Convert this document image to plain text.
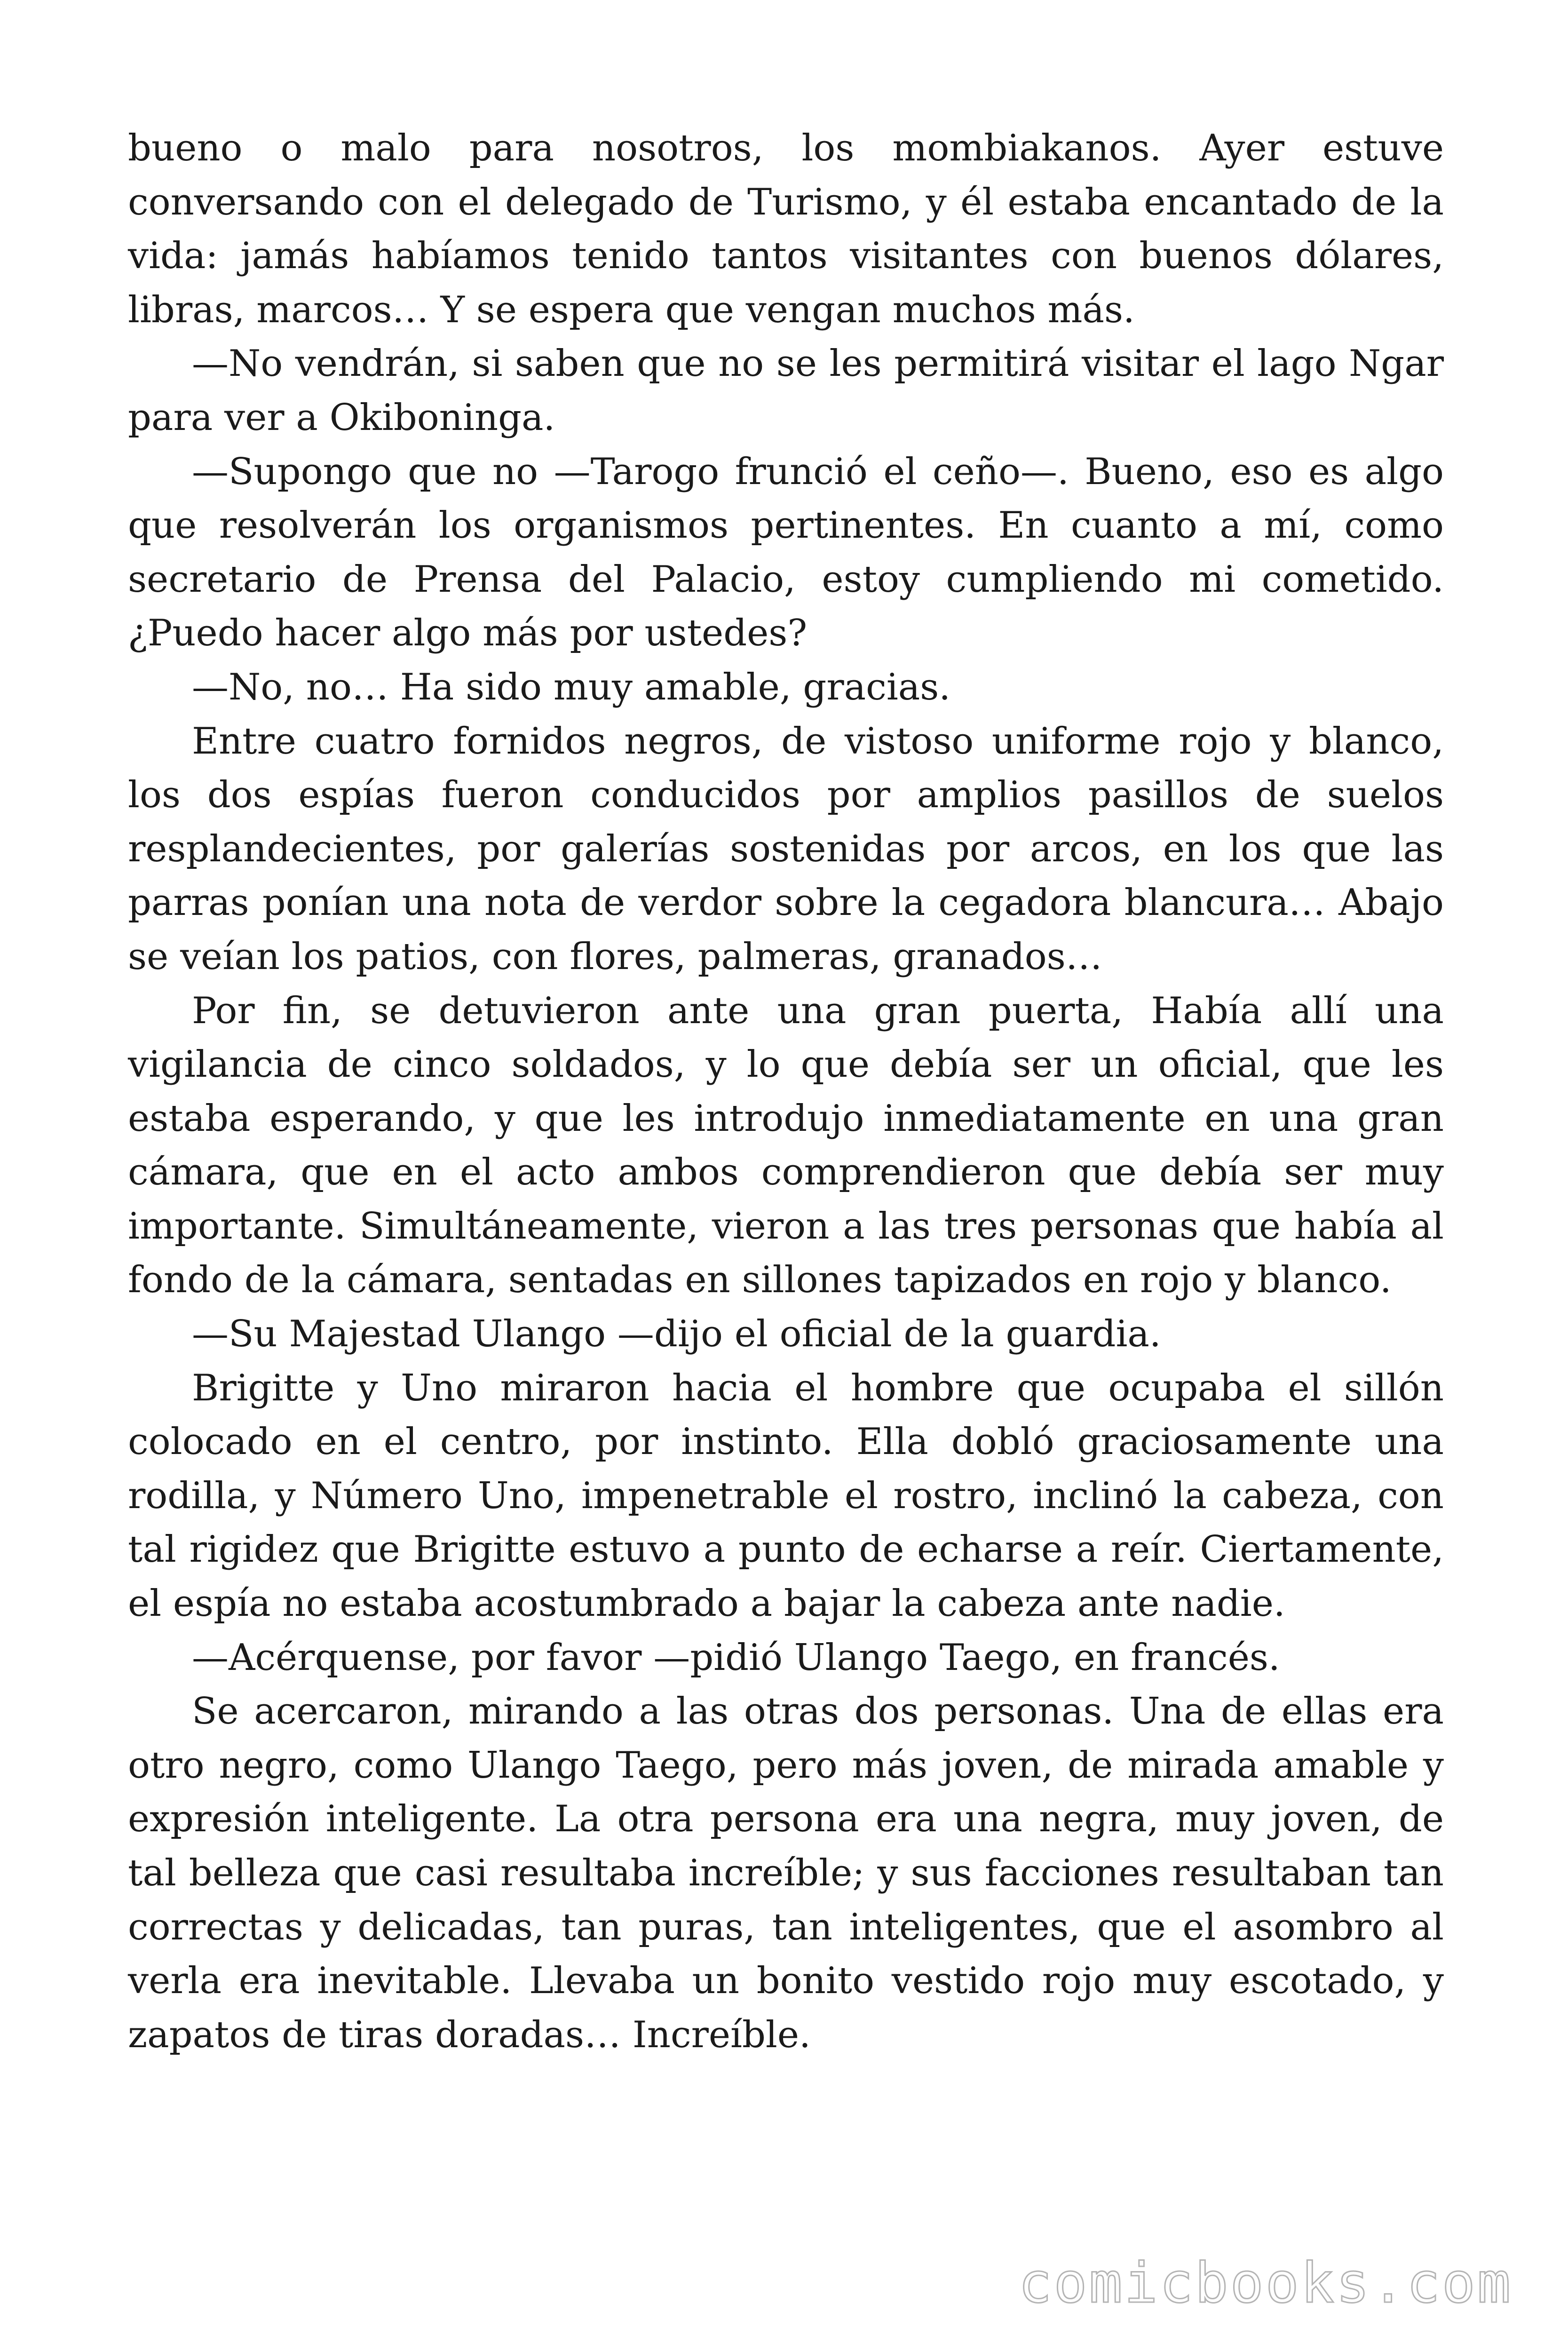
bueno o malo para nosotros, los mombiakanos. Ayer estuve conversando con el delegado de Turismo, y él estaba encantado de la vida: jamás habíamos tenido tantos visitantes con buenos dólares, libras, marcos… Y se espera que vengan muchos más.

—No vendrán, si saben que no se les permitirá visitar el lago Ngar para ver a Okiboninga.

—Supongo que no —Tarogo frunció el ceño—. Bueno, eso es algo que resolverán los organismos pertinentes. En cuanto a mí, como secretario de Prensa del Palacio, estoy cumpliendo mi cometido. ¿Puedo hacer algo más por ustedes?

—No, no… Ha sido muy amable, gracias.

Entre cuatro fornidos negros, de vistoso uniforme rojo y blanco, los dos espías fueron conducidos por amplios pasillos de suelos resplandecientes, por galerías sostenidas por arcos, en los que las parras ponían una nota de verdor sobre la cegadora blancura… Abajo se veían los patios, con flores, palmeras, granados…

Por fin, se detuvieron ante una gran puerta, Había allí una vigilancia de cinco soldados, y lo que debía ser un oficial, que les estaba esperando, y que les introdujo inmediatamente en una gran cámara, que en el acto ambos comprendieron que debía ser muy importante. Simultáneamente, vieron a las tres personas que había al fondo de la cámara, sentadas en sillones tapizados en rojo y blanco.

—Su Majestad Ulango —dijo el oficial de la guardia.

Brigitte y Uno miraron hacia el hombre que ocupaba el sillón colocado en el centro, por instinto. Ella dobló graciosamente una rodilla, y Número Uno, impenetrable el rostro, inclinó la cabeza, con tal rigidez que Brigitte estuvo a punto de echarse a reír. Ciertamente, el espía no estaba acostumbrado a bajar la cabeza ante nadie.

—Acérquense, por favor —pidió Ulango Taego, en francés.

Se acercaron, mirando a las otras dos personas. Una de ellas era otro negro, como Ulango Taego, pero más joven, de mirada amable y expresión inteligente. La otra persona era una negra, muy joven, de tal belleza que casi resultaba increíble; y sus facciones resultaban tan correctas y delicadas, tan puras, tan inteligentes, que el asombro al verla era inevitable. Llevaba un bonito vestido rojo muy escotado, y zapatos de tiras doradas… Increíble.

comicbooks.com
